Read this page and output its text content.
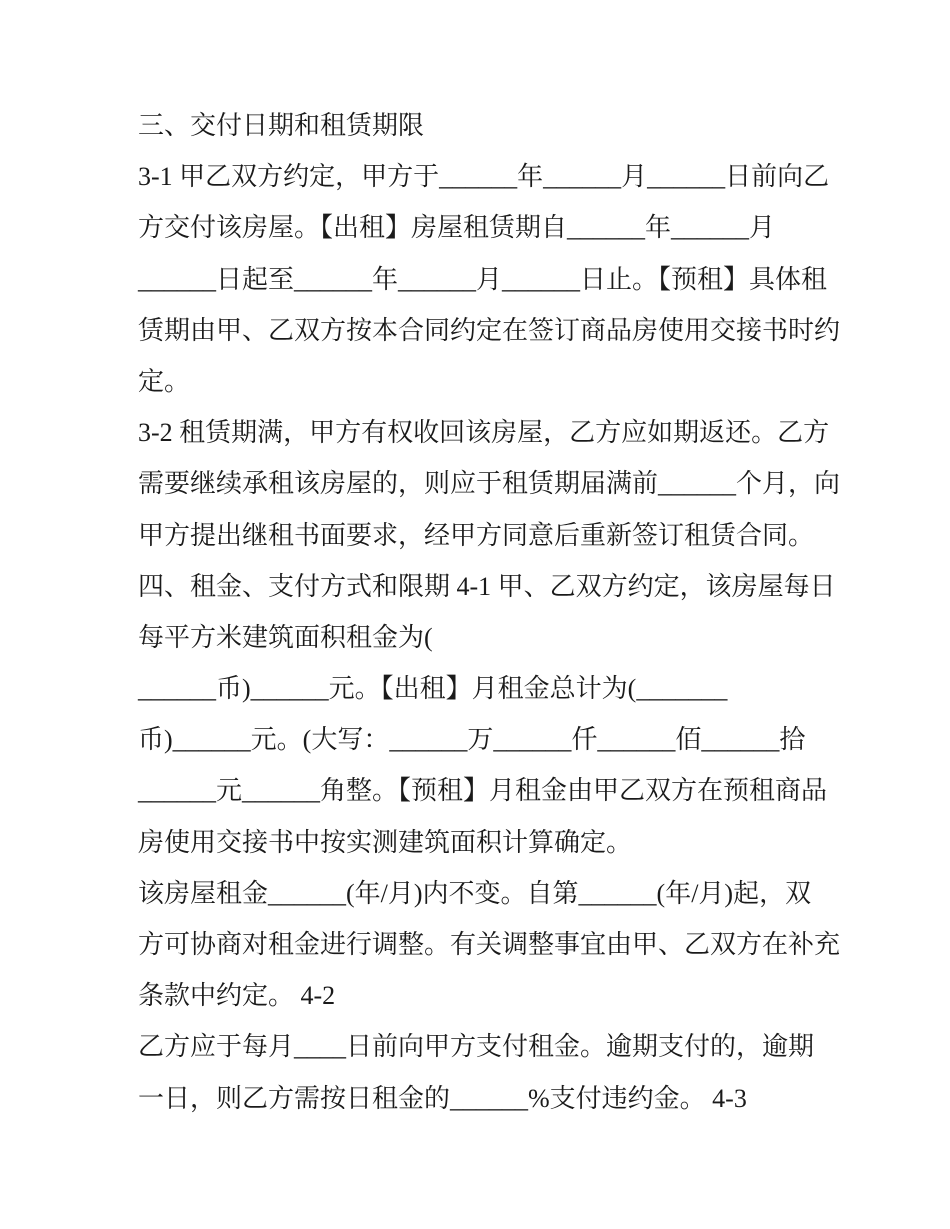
三、交付日期和租赁期限
3-1 甲乙双方约定，甲方于______年______月______日前向乙
方交付该房屋。【出租】房屋租赁期自______年______月
______日起至______年______月______日止。【预租】具体租
赁期由甲、乙双方按本合同约定在签订商品房使用交接书时约
定。
3-2 租赁期满，甲方有权收回该房屋，乙方应如期返还。乙方
需要继续承租该房屋的，则应于租赁期届满前______个月，向
甲方提出继租书面要求，经甲方同意后重新签订租赁合同。
四、租金、支付方式和限期 4-1 甲、乙双方约定，该房屋每日
每平方米建筑面积租金为(
______币)______元。【出租】月租金总计为(_______
币)______元。(大写：______万______仟______佰______拾
______元______角整。【预租】月租金由甲乙双方在预租商品
房使用交接书中按实测建筑面积计算确定。
该房屋租金______(年/月)内不变。自第______(年/月)起，双
方可协商对租金进行调整。有关调整事宜由甲、乙双方在补充
条款中约定。 4-2
乙方应于每月____日前向甲方支付租金。逾期支付的，逾期
一日，则乙方需按日租金的______%支付违约金。 4-3
